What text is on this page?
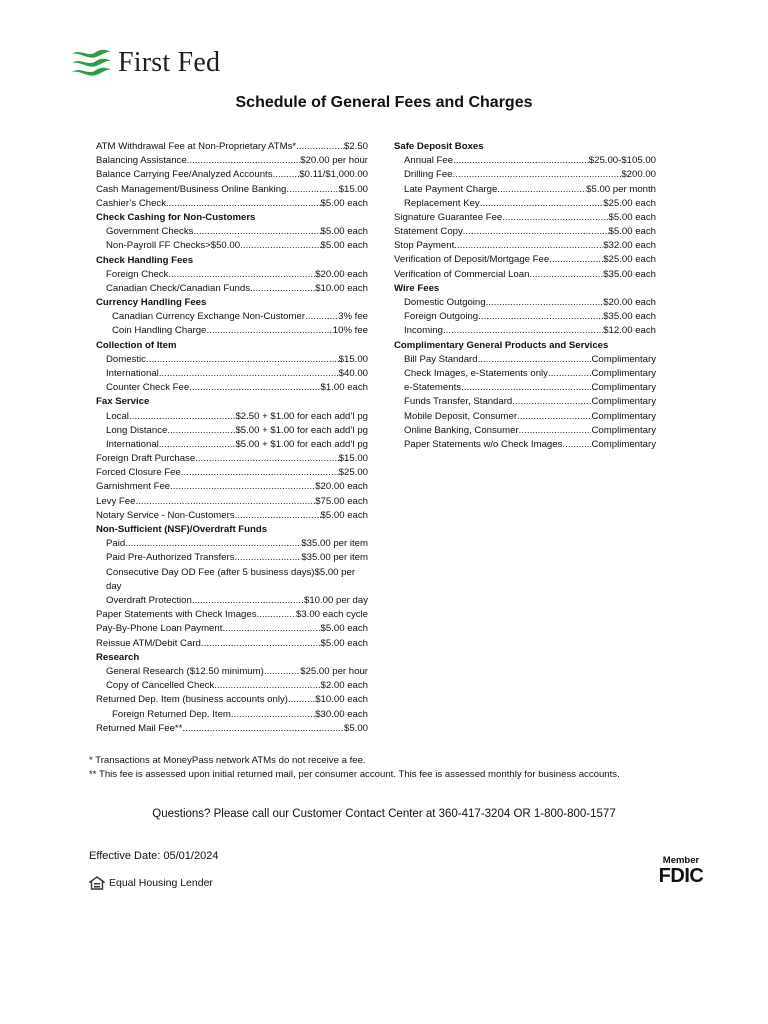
First Fed
Schedule of General Fees and Charges
ATM Withdrawal Fee at Non-Proprietary ATMs* . . .	$2.50
Balancing Assistance . . .	$20.00 per hour
Balance Carrying Fee/Analyzed Accounts . . .	$0.11/$1,000.00
Cash Management/Business Online Banking . . .	$15.00
Cashier’s Check . . .	$5.00 each
Check Cashing for Non-Customers
Government Checks . . .	$5.00 each
Non-Payroll FF Checks>$50.00 . . .	$5.00 each
Check Handling Fees
Foreign Check . . .	$20.00 each
Canadian Check/Canadian Funds . . .	$10.00 each
Currency Handling Fees
Canadian Currency Exchange Non-Customer . . .	3% fee
Coin Handling Charge . . .	10% fee
Collection of Item
Domestic . . .	$15.00
International . . .	$40.00
Counter Check Fee . . .	$1.00 each
Fax Service
Local . . .	$2.50 + $1.00 for each add’l pg
Long Distance . . .	$5.00 + $1.00 for each add’l pg
International . . .	$5.00 + $1.00 for each add’l pg
Foreign Draft Purchase . . .	$15.00
Forced Closure Fee . . .	$25.00
Garnishment Fee . . .	$20.00 each
Levy Fee . . .	$75.00 each
Notary Service - Non-Customers . . .	$5.00 each
Non-Sufficient (NSF)/Overdraft Funds
Paid . . .	$35.00 per item
Paid Pre-Authorized Transfers . . .	$35.00 per item
Consecutive Day OD Fee (after 5 business days)$5.00 per
day
Overdraft Protection . . .	$10.00 per day
Paper Statements with Check Images . . .	$3.00 each cycle
Pay-By-Phone Loan Payment . . .	$5.00 each
Reissue ATM/Debit Card . . .	$5.00 each
Research
General Research ($12.50 minimum) . . .	$25.00 per hour
Copy of Cancelled Check . . .	$2.00 each
Returned Dep. Item (business accounts only) . . .	$10.00 each
Foreign Returned Dep. Item . . .	$30.00 each
Returned Mail Fee** . . .	$5.00
Safe Deposit Boxes
Annual Fee . . .	$25.00-$105.00
Drilling Fee . . .	$200.00
Late Payment Charge . . .	$5.00 per month
Replacement Key . . .	$25.00 each
Signature Guarantee Fee . . .	$5.00 each
Statement Copy . . .	$5.00 each
Stop Payment . . .	$32.00 each
Verification of Deposit/Mortgage Fee . . .	$25.00 each
Verification of Commercial Loan . . .	$35.00 each
Wire Fees
Domestic Outgoing . . .	$20.00 each
Foreign Outgoing . . .	$35.00 each
Incoming . . .	$12.00 each
Complimentary General Products and Services
Bill Pay Standard . . .	Complimentary
Check Images, e-Statements only . . .	Complimentary
e-Statements . . .	Complimentary
Funds Transfer, Standard . . .	Complimentary
Mobile Deposit, Consumer . . .	Complimentary
Online Banking, Consumer . . .	Complimentary
Paper Statements w/o Check Images . . .	Complimentary
* Transactions at MoneyPass network ATMs do not receive a fee.
** This fee is assessed upon initial returned mail, per consumer account. This fee is assessed monthly for business accounts.
Questions? Please call our Customer Contact Center at 360-417-3204 OR 1-800-800-1577
Effective Date: 05/01/2024
Equal Housing Lender
Member
FDIC
